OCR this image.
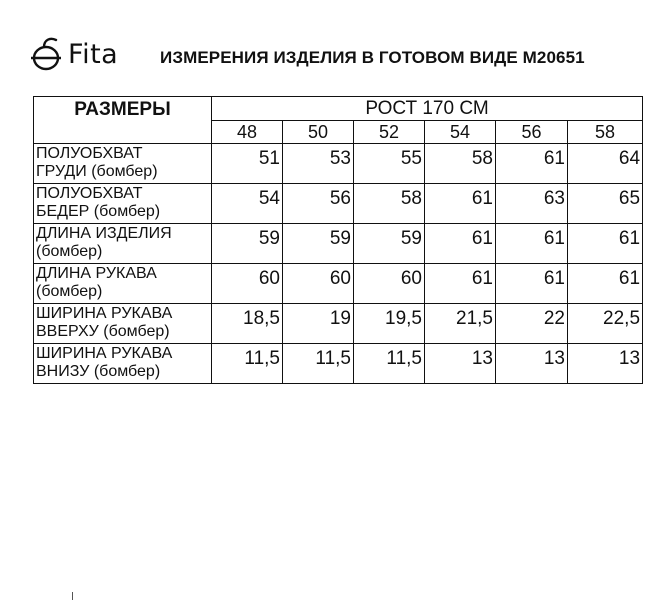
Fita ИЗМЕРЕНИЯ ИЗДЕЛИЯ В ГОТОВОМ ВИДЕ М20651
РАЗМЕРЫ	РОСТ 170 СМ					
	48	50	52	54	56	58

ПОЛУОБХВАТ
ГРУДИ (бомбер)	51	53	55	58	61	64

ПОЛУОБХВАТ
БЕДЕР (бомбер)	54	56	58	61	63	65

ДЛИНА ИЗДЕЛИЯ
(бомбер)	59	59	59	61	61	61

ДЛИНА РУКАВА
(бомбер)	60	60	60	61	61	61

ШИРИНА РУКАВА
ВВЕРХУ (бомбер)	18,5	19	19,5	21,5	22	22,5

ШИРИНА РУКАВА
ВНИЗУ (бомбер)	11,5	11,5	11,5	13	13	13
